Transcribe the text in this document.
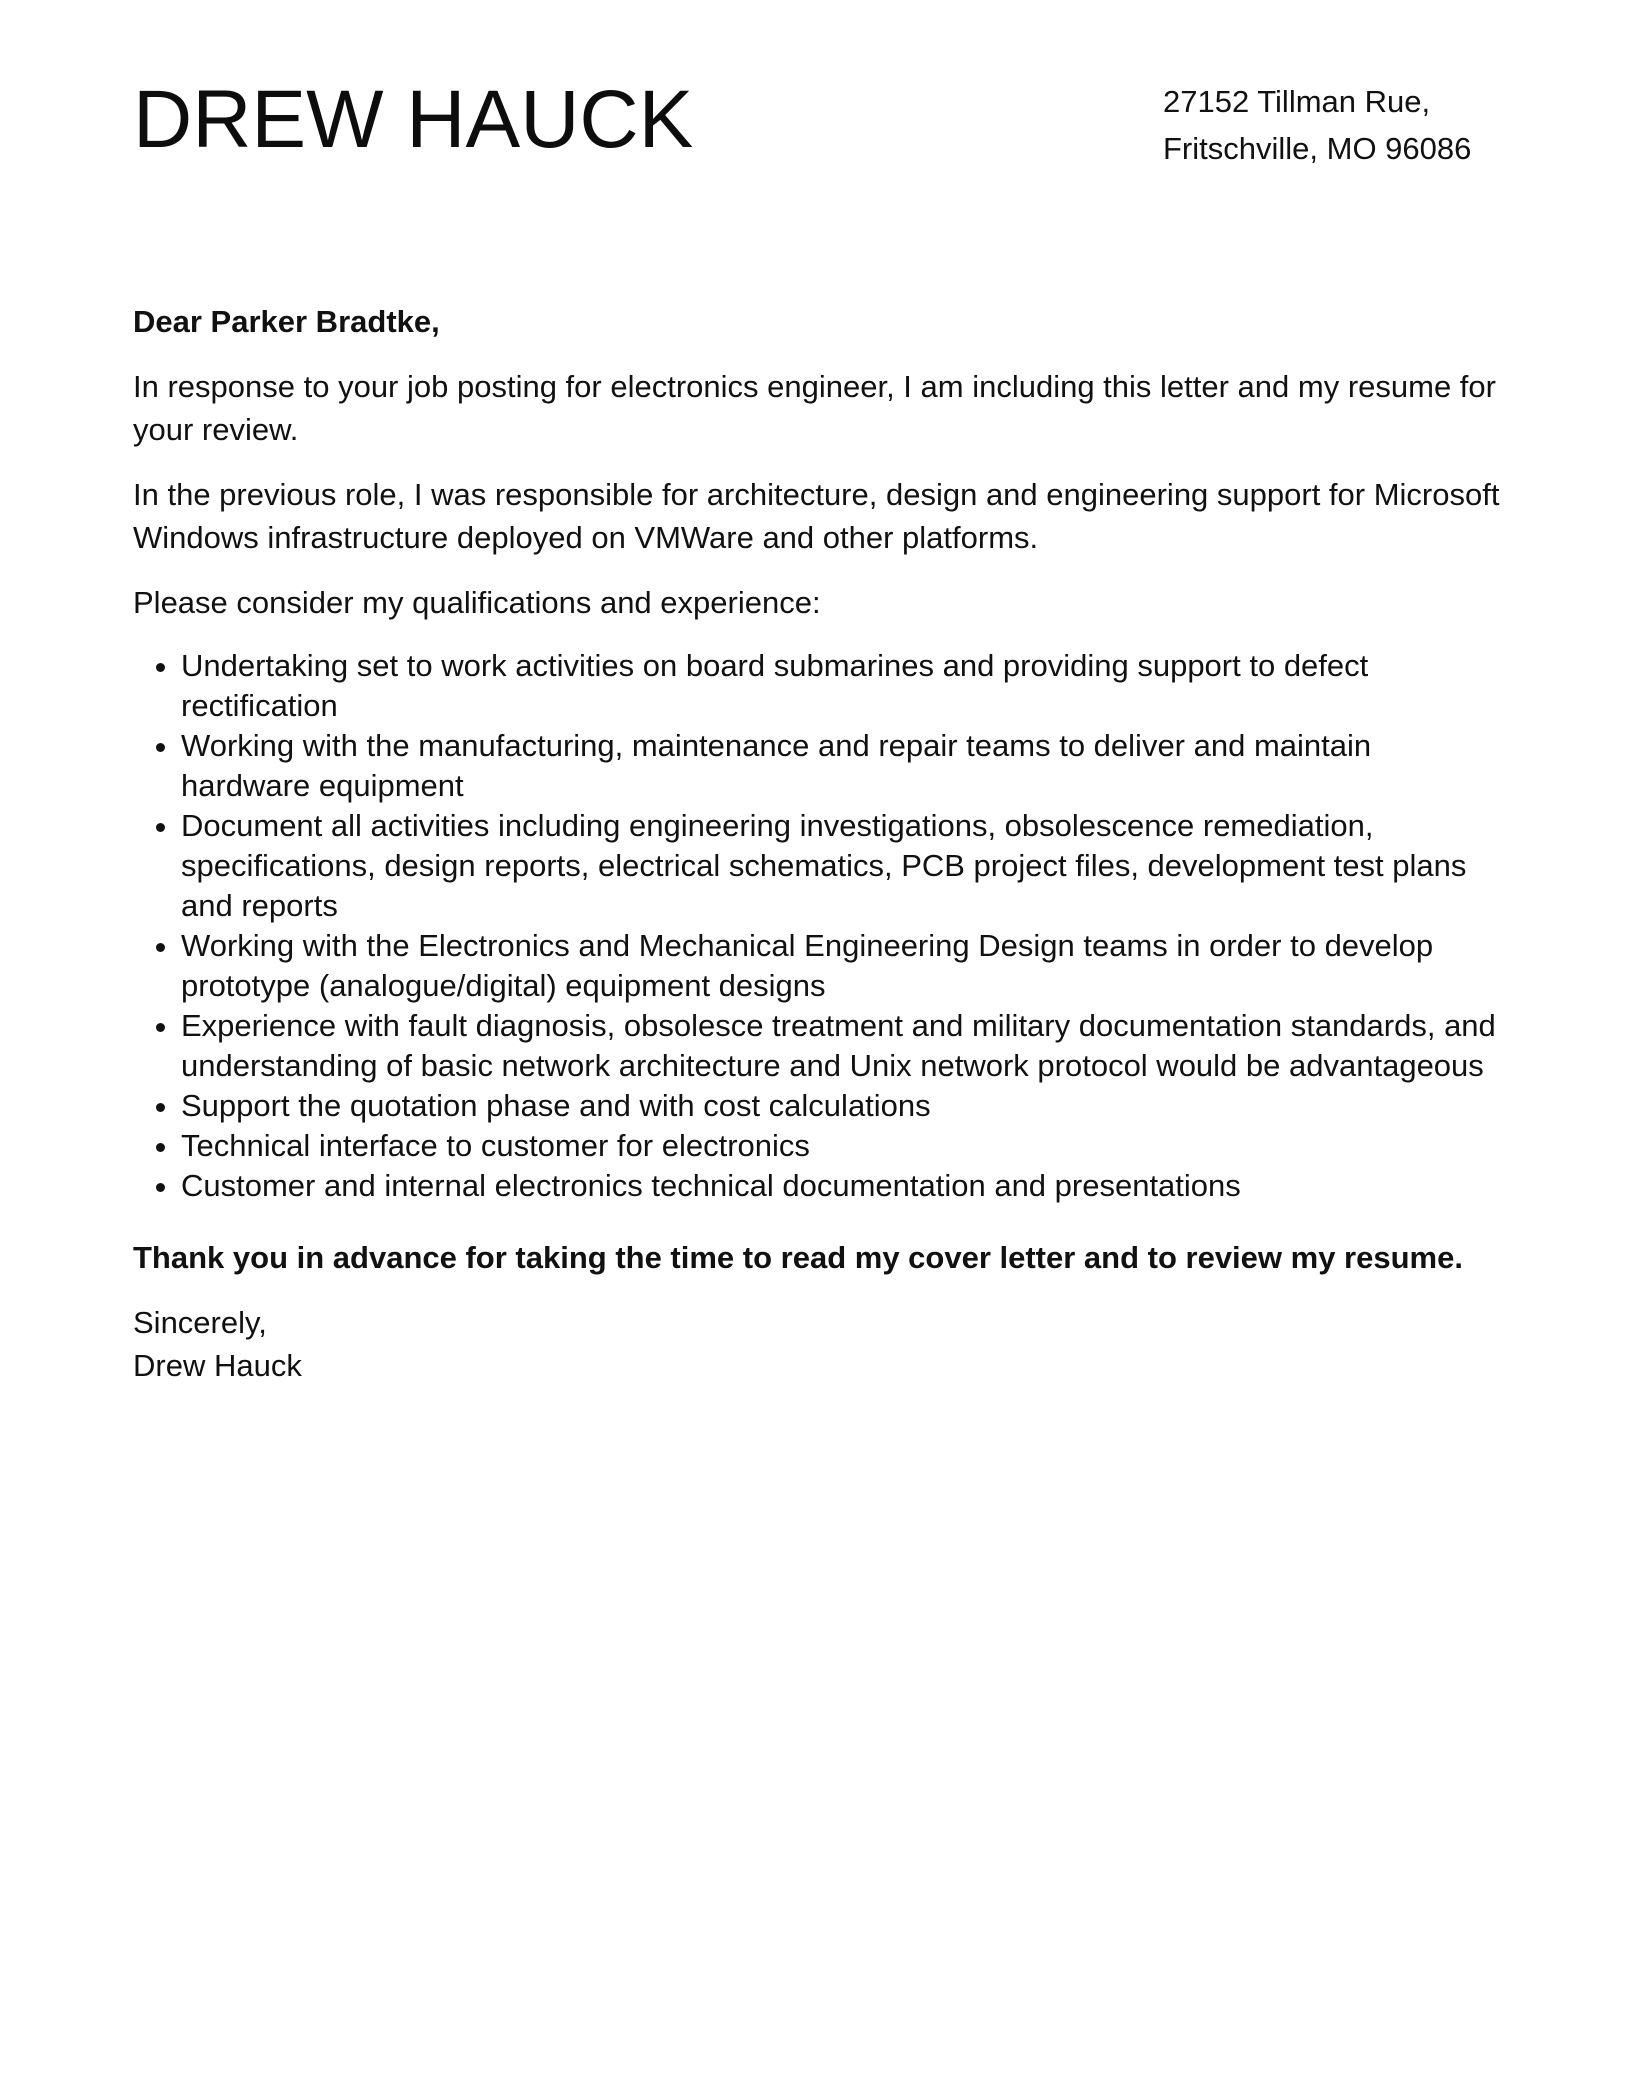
DREW HAUCK	27152 Tillman Rue,
Fritschville, MO 96086

Dear Parker Bradtke,

In response to your job posting for electronics engineer, I am including this letter and my resume for your review.

In the previous role, I was responsible for architecture, design and engineering support for Microsoft Windows infrastructure deployed on VMWare and other platforms.

Please consider my qualifications and experience:

• Undertaking set to work activities on board submarines and providing support to defect rectification
• Working with the manufacturing, maintenance and repair teams to deliver and maintain hardware equipment
• Document all activities including engineering investigations, obsolescence remediation, specifications, design reports, electrical schematics, PCB project files, development test plans and reports
• Working with the Electronics and Mechanical Engineering Design teams in order to develop prototype (analogue/digital) equipment designs
• Experience with fault diagnosis, obsolesce treatment and military documentation standards, and understanding of basic network architecture and Unix network protocol would be advantageous
• Support the quotation phase and with cost calculations
• Technical interface to customer for electronics
• Customer and internal electronics technical documentation and presentations

Thank you in advance for taking the time to read my cover letter and to review my resume.

Sincerely,
Drew Hauck
